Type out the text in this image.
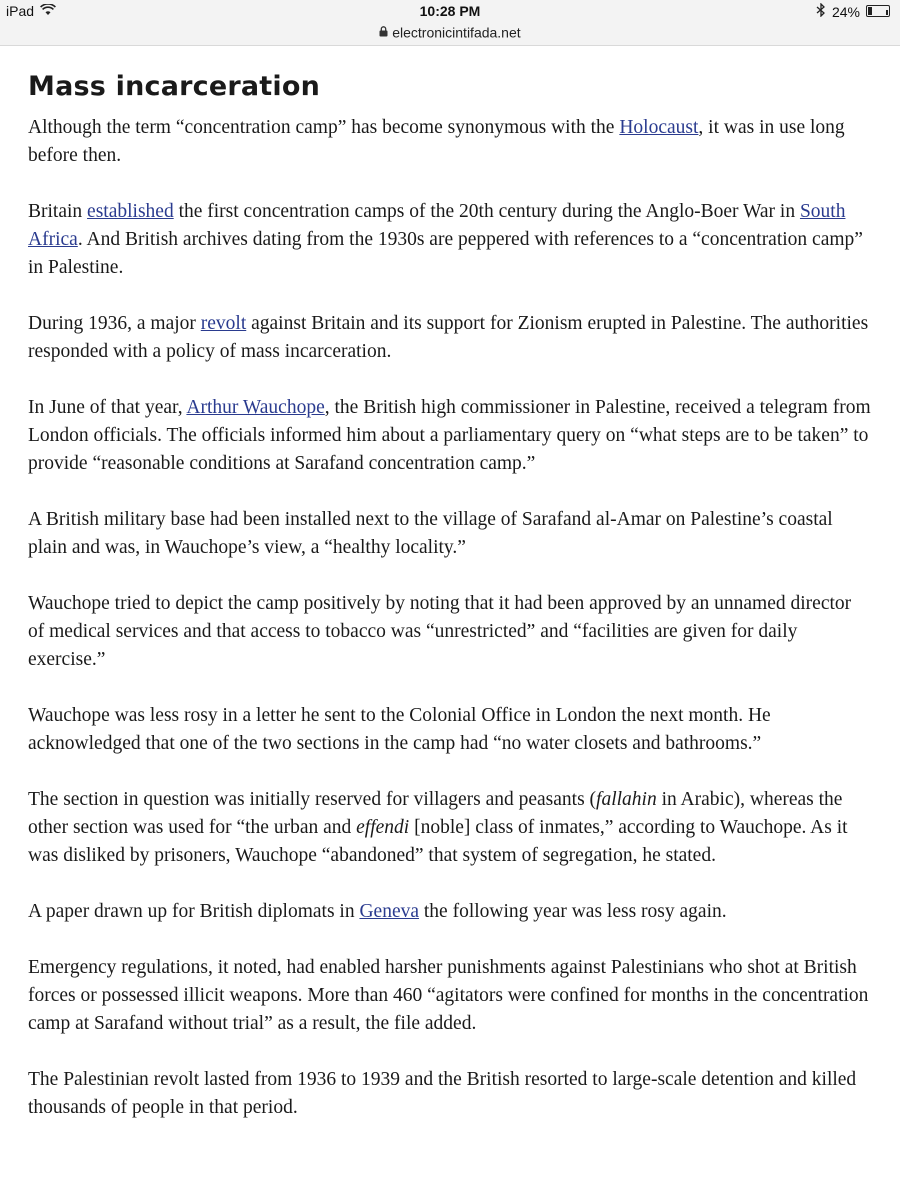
iPad	10:28 PM	24%
electronicintifada.net
Mass incarceration

Although the term “concentration camp” has become synonymous with the Holocaust, it was in use long before then.

Britain established the first concentration camps of the 20th century during the Anglo-Boer War in South Africa. And British archives dating from the 1930s are peppered with references to a “concentration camp” in Palestine.

During 1936, a major revolt against Britain and its support for Zionism erupted in Palestine. The authorities responded with a policy of mass incarceration.

In June of that year, Arthur Wauchope, the British high commissioner in Palestine, received a telegram from London officials. The officials informed him about a parliamentary query on “what steps are to be taken” to provide “reasonable conditions at Sarafand concentration camp.”

A British military base had been installed next to the village of Sarafand al-Amar on Palestine’s coastal plain and was, in Wauchope’s view, a “healthy locality.”

Wauchope tried to depict the camp positively by noting that it had been approved by an unnamed director of medical services and that access to tobacco was “unrestricted” and “facilities are given for daily exercise.”

Wauchope was less rosy in a letter he sent to the Colonial Office in London the next month. He acknowledged that one of the two sections in the camp had “no water closets and bathrooms.”

The section in question was initially reserved for villagers and peasants (fallahin in Arabic), whereas the other section was used for “the urban and effendi [noble] class of inmates,” according to Wauchope. As it was disliked by prisoners, Wauchope “abandoned” that system of segregation, he stated.

A paper drawn up for British diplomats in Geneva the following year was less rosy again.

Emergency regulations, it noted, had enabled harsher punishments against Palestinians who shot at British forces or possessed illicit weapons. More than 460 “agitators were confined for months in the concentration camp at Sarafand without trial” as a result, the file added.

The Palestinian revolt lasted from 1936 to 1939 and the British resorted to large-scale detention and killed thousands of people in that period.
